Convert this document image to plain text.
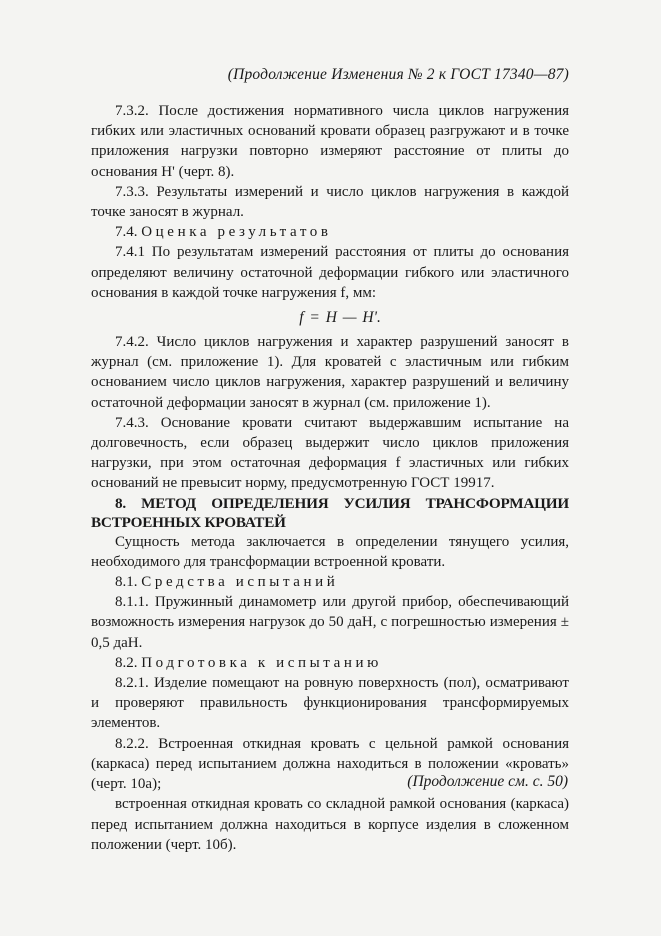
(Продолжение Изменения № 2 к ГОСТ 17340—87)

7.3.2. После достижения нормативного числа циклов нагружения гибких или эластичных оснований кровати образец разгружают и в точке приложения нагрузки повторно измеряют расстояние от плиты до основания H' (черт. 8).

7.3.3. Результаты измерений и число циклов нагружения в каждой точке заносят в журнал.

7.4. Оценка результатов

7.4.1 По результатам измерений расстояния от плиты до основания определяют величину остаточной деформации гибкого или эластичного основания в каждой точке нагружения f, мм:

f = H — H'.

7.4.2. Число циклов нагружения и характер разрушений заносят в журнал (см. приложение 1). Для кроватей с эластичным или гибким основанием число циклов нагружения, характер разрушений и величину остаточной деформации заносят в журнал (см. приложение 1).

7.4.3. Основание кровати считают выдержавшим испытание на долговечность, если образец выдержит число циклов приложения нагрузки, при этом остаточная деформация f эластичных или гибких оснований не превысит норму, предусмотренную ГОСТ 19917.

8. МЕТОД ОПРЕДЕЛЕНИЯ УСИЛИЯ ТРАНСФОРМАЦИИ ВСТРОЕННЫХ КРОВАТЕЙ

Сущность метода заключается в определении тянущего усилия, необходимого для трансформации встроенной кровати.

8.1. Средства испытаний

8.1.1. Пружинный динамометр или другой прибор, обеспечивающий возможность измерения нагрузок до 50 даН, с погрешностью измерения ± 0,5 даН.

8.2. Подготовка к испытанию

8.2.1. Изделие помещают на ровную поверхность (пол), осматривают и проверяют правильность функционирования трансформируемых элементов.

8.2.2. Встроенная откидная кровать с цельной рамкой основания (каркаса) перед испытанием должна находиться в положении «кровать» (черт. 10а);

встроенная откидная кровать со складной рамкой основания (каркаса) перед испытанием должна находиться в корпусе изделия в сложенном положении (черт. 10б).

(Продолжение см. с. 50)
